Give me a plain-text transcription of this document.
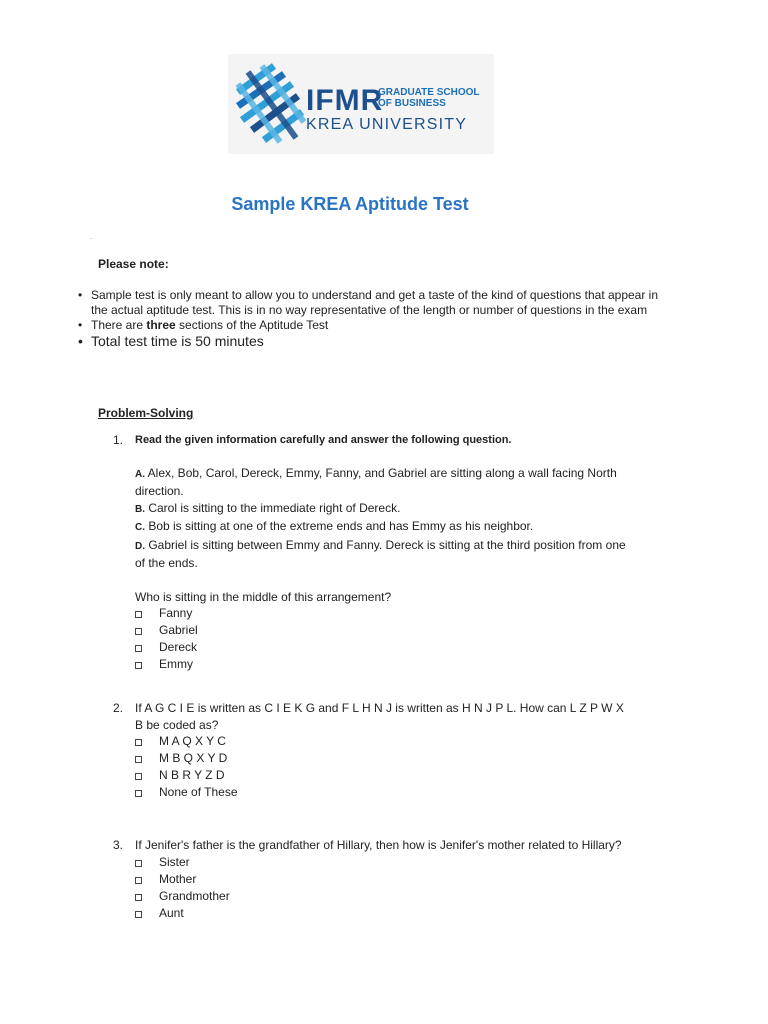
IFMR
GRADUATE SCHOOL
OF BUSINESS
KREA UNIVERSITY
Sample KREA Aptitude Test
.
Please note:
• Sample test is only meant to allow you to understand and get a taste of the kind of questions that appear in
the actual aptitude test. This is in no way representative of the length or number of questions in the exam
• There are three sections of the Aptitude Test
• Total test time is 50 minutes
Problem-Solving
1. Read the given information carefully and answer the following question.
A. Alex, Bob, Carol, Dereck, Emmy, Fanny, and Gabriel are sitting along a wall facing North
direction.
B. Carol is sitting to the immediate right of Dereck.
C. Bob is sitting at one of the extreme ends and has Emmy as his neighbor.
D. Gabriel is sitting between Emmy and Fanny. Dereck is sitting at the third position from one
of the ends.
Who is sitting in the middle of this arrangement?
Fanny
Gabriel
Dereck
Emmy
2. If A G C I E is written as C I E K G and F L H N J is written as H N J P L. How can L Z P W X
B be coded as?
M A Q X Y C
M B Q X Y D
N B R Y Z D
None of These
3. If Jenifer's father is the grandfather of Hillary, then how is Jenifer's mother related to Hillary?
Sister
Mother
Grandmother
Aunt
